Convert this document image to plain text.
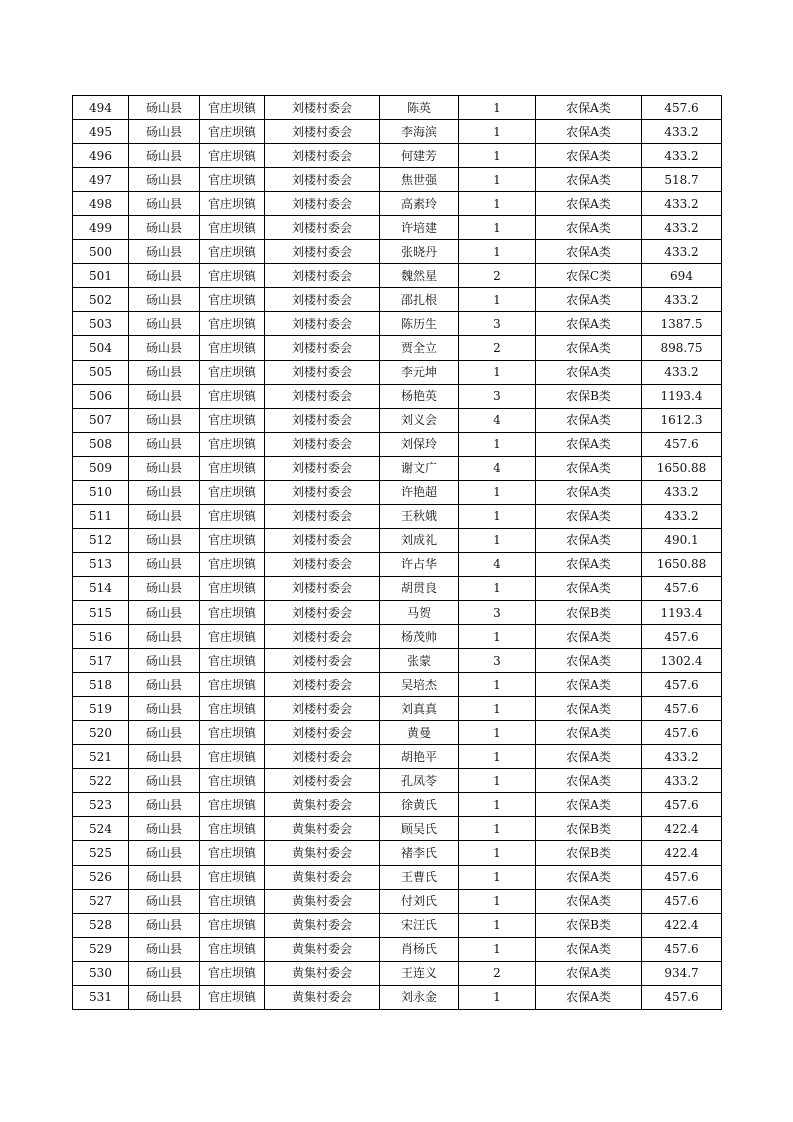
494	砀山县	官庄坝镇	刘楼村委会	陈英	1	农保A类	457.6
495	砀山县	官庄坝镇	刘楼村委会	李海滨	1	农保A类	433.2
496	砀山县	官庄坝镇	刘楼村委会	何建芳	1	农保A类	433.2
497	砀山县	官庄坝镇	刘楼村委会	焦世强	1	农保A类	518.7
498	砀山县	官庄坝镇	刘楼村委会	高素玲	1	农保A类	433.2
499	砀山县	官庄坝镇	刘楼村委会	许培建	1	农保A类	433.2
500	砀山县	官庄坝镇	刘楼村委会	张晓丹	1	农保A类	433.2
501	砀山县	官庄坝镇	刘楼村委会	魏然星	2	农保C类	694
502	砀山县	官庄坝镇	刘楼村委会	邵扎根	1	农保A类	433.2
503	砀山县	官庄坝镇	刘楼村委会	陈历生	3	农保A类	1387.5
504	砀山县	官庄坝镇	刘楼村委会	贾全立	2	农保A类	898.75
505	砀山县	官庄坝镇	刘楼村委会	李元坤	1	农保A类	433.2
506	砀山县	官庄坝镇	刘楼村委会	杨艳英	3	农保B类	1193.4
507	砀山县	官庄坝镇	刘楼村委会	刘义会	4	农保A类	1612.3
508	砀山县	官庄坝镇	刘楼村委会	刘保玲	1	农保A类	457.6
509	砀山县	官庄坝镇	刘楼村委会	谢文广	4	农保A类	1650.88
510	砀山县	官庄坝镇	刘楼村委会	许艳超	1	农保A类	433.2
511	砀山县	官庄坝镇	刘楼村委会	王秋娥	1	农保A类	433.2
512	砀山县	官庄坝镇	刘楼村委会	刘成礼	1	农保A类	490.1
513	砀山县	官庄坝镇	刘楼村委会	许占华	4	农保A类	1650.88
514	砀山县	官庄坝镇	刘楼村委会	胡贯良	1	农保A类	457.6
515	砀山县	官庄坝镇	刘楼村委会	马贺	3	农保B类	1193.4
516	砀山县	官庄坝镇	刘楼村委会	杨茂帅	1	农保A类	457.6
517	砀山县	官庄坝镇	刘楼村委会	张蒙	3	农保A类	1302.4
518	砀山县	官庄坝镇	刘楼村委会	吴培杰	1	农保A类	457.6
519	砀山县	官庄坝镇	刘楼村委会	刘真真	1	农保A类	457.6
520	砀山县	官庄坝镇	刘楼村委会	黄曼	1	农保A类	457.6
521	砀山县	官庄坝镇	刘楼村委会	胡艳平	1	农保A类	433.2
522	砀山县	官庄坝镇	刘楼村委会	孔凤苓	1	农保A类	433.2
523	砀山县	官庄坝镇	黄集村委会	徐黄氏	1	农保A类	457.6
524	砀山县	官庄坝镇	黄集村委会	顾吴氏	1	农保B类	422.4
525	砀山县	官庄坝镇	黄集村委会	褚李氏	1	农保B类	422.4
526	砀山县	官庄坝镇	黄集村委会	王曹氏	1	农保A类	457.6
527	砀山县	官庄坝镇	黄集村委会	付刘氏	1	农保A类	457.6
528	砀山县	官庄坝镇	黄集村委会	宋汪氏	1	农保B类	422.4
529	砀山县	官庄坝镇	黄集村委会	肖杨氏	1	农保A类	457.6
530	砀山县	官庄坝镇	黄集村委会	王连义	2	农保A类	934.7
531	砀山县	官庄坝镇	黄集村委会	刘永金	1	农保A类	457.6
